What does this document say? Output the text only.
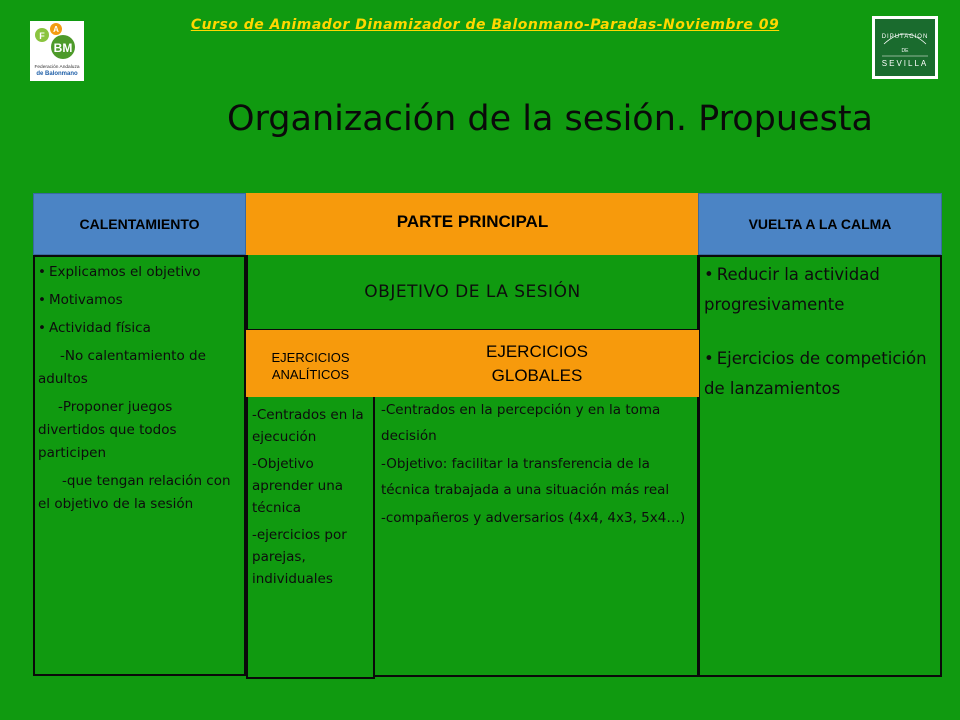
Curso de Animador Dinamizador de Balonmano-Paradas-Noviembre 09
F
A
BM
Federación Andaluza
de Balonmano
DIPUTACION
DE
SEVILLA
Organización de la sesión. Propuesta
CALENTAMIENTO	PARTE PRINCIPAL	VUELTA A LA CALMA
OBJETIVO DE LA SESIÓN
EJERCICIOS
ANALÍTICOS
EJERCICIOS
GLOBALES

• Explicamos el objetivo

• Motivamos

• Actividad física

-No calentamiento de adultos

-Proponer juegos divertidos que todos participen

-que tengan relación con el objetivo de la sesión

-Centrados en la ejecución

-Objetivo aprender una técnica

-ejercicios por parejas, individuales

-Centrados en la percepción y en la toma decisión

-Objetivo: facilitar la transferencia de la técnica trabajada a una situación más real

-compañeros y adversarios (4x4, 4x3, 5x4…)

• Reducir la actividad progresivamente

• Ejercicios de competición de lanzamientos
